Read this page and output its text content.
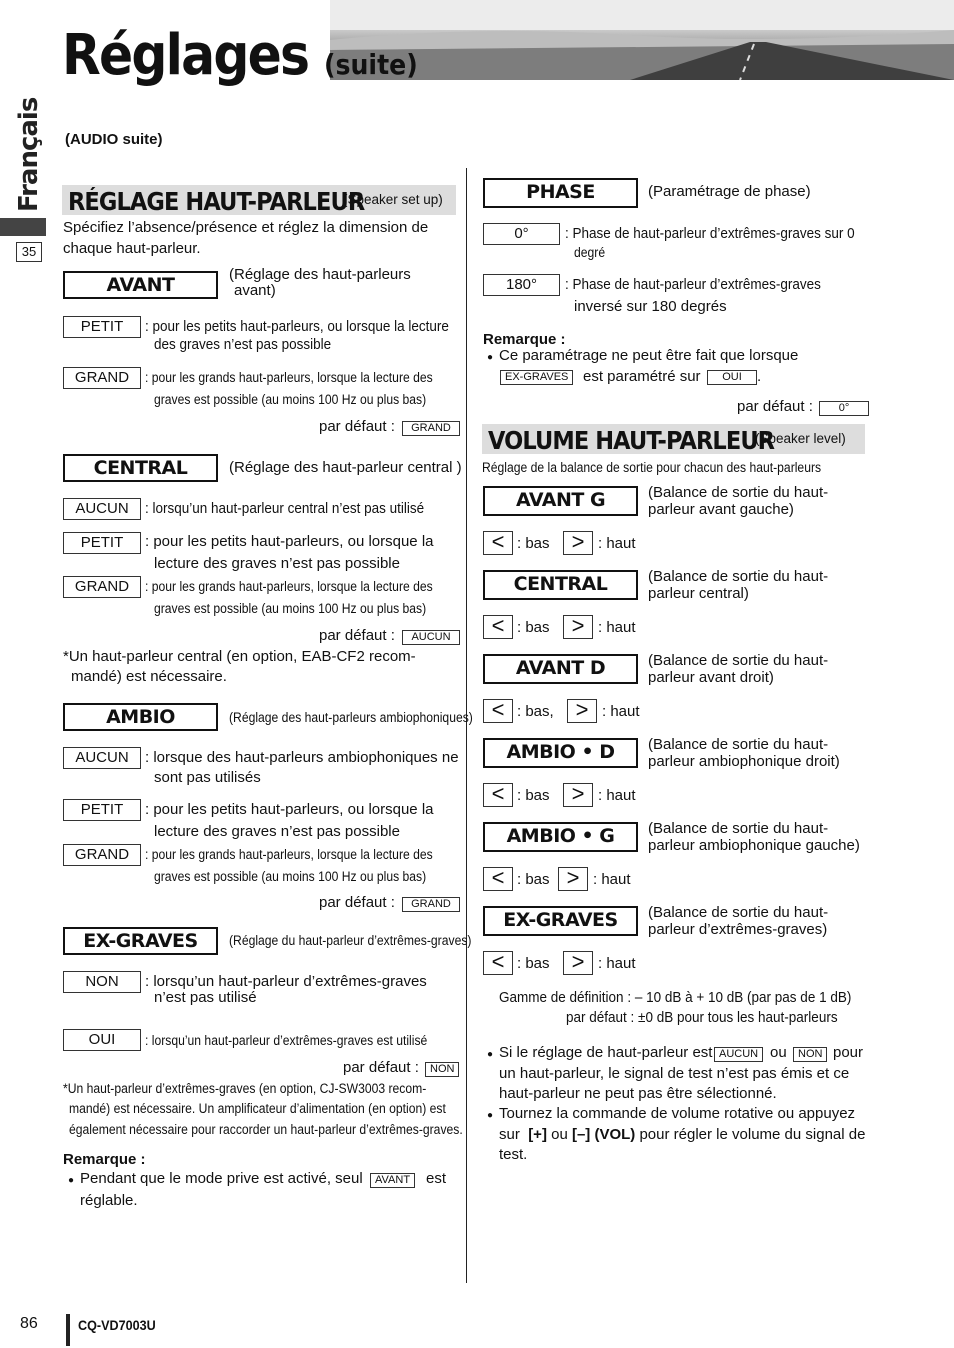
Réglages (suite)
Français
35
(AUDIO suite)
RÉGLAGE HAUT-PARLEUR
(Speaker set up)
Spécifiez l’absence/présence et réglez la dimension de
chaque haut-parleur.
AVANT	(Réglage des haut-parleurs
avant)
PETIT	: pour les petits haut-parleurs, ou lorsque la lecture
des graves n’est pas possible
GRAND	: pour les grands haut-parleurs, lorsque la lecture des
graves est possible (au moins 100 Hz ou plus bas)
par défaut :	GRAND
CENTRAL	(Réglage des haut-parleur central )
AUCUN	: lorsqu’un haut-parleur central n’est pas utilisé
PETIT	: pour les petits haut-parleurs, ou lorsque la
lecture des graves n’est pas possible
GRAND	: pour les grands haut-parleurs, lorsque la lecture des
graves est possible (au moins 100 Hz ou plus bas)
par défaut :	AUCUN
*Un haut-parleur central (en option, EAB-CF2 recom-
mandé) est nécessaire.
AMBIO	(Réglage des haut-parleurs ambiophoniques)
AUCUN	: lorsque des haut-parleurs ambiophoniques ne
sont pas utilisés
PETIT	: pour les petits haut-parleurs, ou lorsque la
lecture des graves n’est pas possible
GRAND	: pour les grands haut-parleurs, lorsque la lecture des
graves est possible (au moins 100 Hz ou plus bas)
par défaut :	GRAND
EX-GRAVES	(Réglage du haut-parleur d’extrêmes-graves)
NON	: lorsqu’un haut-parleur d’extrêmes-graves
n’est pas utilisé
OUI	: lorsqu’un haut-parleur d’extrêmes-graves est utilisé
par défaut :	NON
*Un haut-parleur d’extrêmes-graves (en option, CJ-SW3003 recom-
mandé) est nécessaire. Un amplificateur d’alimentation (en option) est
également nécessaire pour raccorder un haut-parleur d’extrêmes-graves.
Remarque :
● Pendant que le mode prive est activé, seul	AVANT	est
réglable.
PHASE	(Paramétrage de phase)
0°	: Phase de haut-parleur d’extrêmes-graves sur 0
degré
180°	: Phase de haut-parleur d’extrêmes-graves
inversé sur 180 degrés
Remarque :
● Ce paramétrage ne peut être fait que lorsque
EX-GRAVES est paramétré sur	OUI	.
par défaut :	0°
VOLUME HAUT-PARLEUR
(Speaker level)
Réglage de la balance de sortie pour chacun des haut-parleurs
AVANT G	(Balance de sortie du haut-
parleur avant gauche)
< : bas	> : haut
CENTRAL	(Balance de sortie du haut-
parleur central)
< : bas	> : haut
AVANT D	(Balance de sortie du haut-
parleur avant droit)
< : bas, > : haut
AMBIO • D	(Balance de sortie du haut-
parleur ambiophonique droit)
< : bas	> : haut
AMBIO • G	(Balance de sortie du haut-
parleur ambiophonique gauche)
< : bas > : haut
EX-GRAVES	(Balance de sortie du haut-
parleur d’extrêmes-graves)
< : bas	> : haut
Gamme de définition : – 10 dB à + 10 dB (par pas de 1 dB)
par défaut : ±0 dB pour tous les haut-parleurs
● Si le réglage de haut-parleur est AUCUN ou	NON pour
un haut-parleur, le signal de test n’est pas émis et ce
haut-parleur ne peut pas être sélectionné.
● Tournez la commande de volume rotative ou appuyez
sur [+] ou [–] (VOL) pour régler le volume du signal de
test.
86	CQ-VD7003U
